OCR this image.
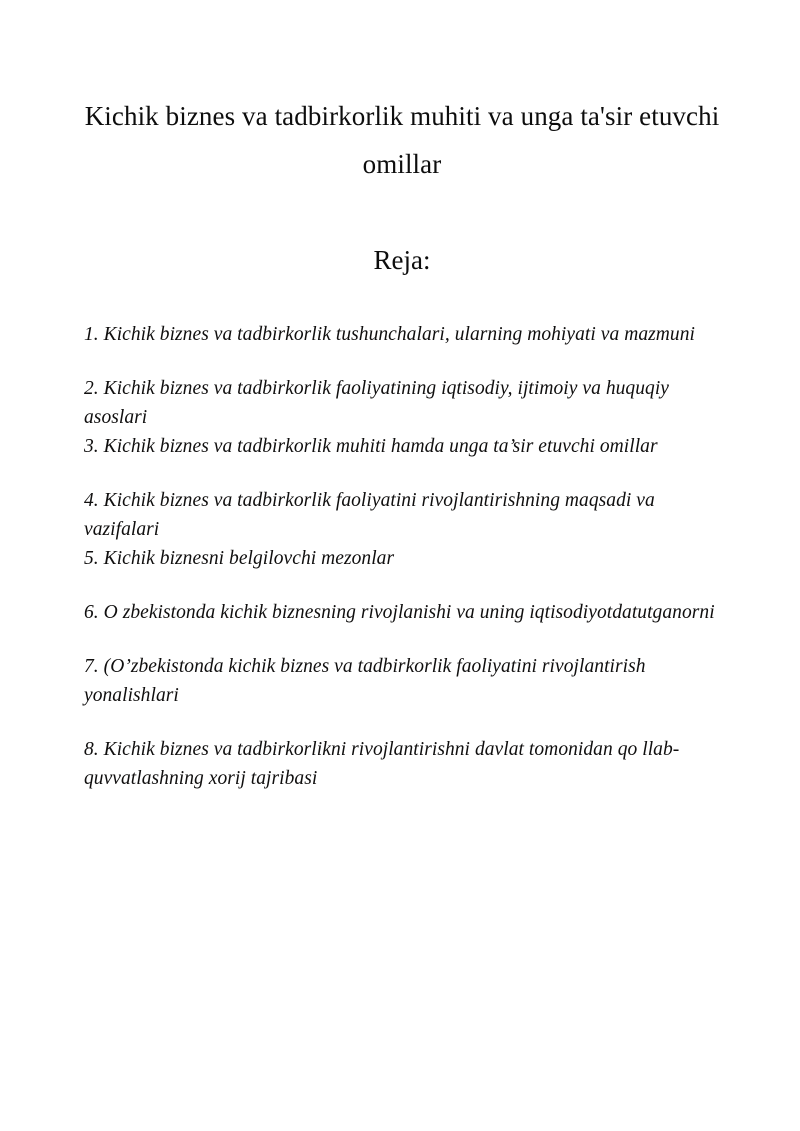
Kichik biznes va tadbirkorlik muhiti va unga ta'sir etuvchi omillar
Reja:
1. Kichik biznes va tadbirkorlik tushunchalari, ularning mohiyati va mazmuni
2. Kichik biznes va tadbirkorlik faoliyatining iqtisodiy, ijtimoiy va huquqiy asoslari
3. Kichik biznes va tadbirkorlik muhiti hamda unga ta’sir etuvchi omillar
4. Kichik biznes va tadbirkorlik faoliyatini rivojlantirishning maqsadi va vazifalari
5. Kichik biznesni belgilovchi mezonlar
6. O zbekistonda kichik biznesning rivojlanishi va uning iqtisodiyotdatutganorni
7. (O’zbekistonda kichik biznes va tadbirkorlik faoliyatini rivojlantirish yonalishlari
8. Kichik biznes va tadbirkorlikni rivojlantirishni davlat tomonidan qo llab-quvvatlashning xorij tajribasi
